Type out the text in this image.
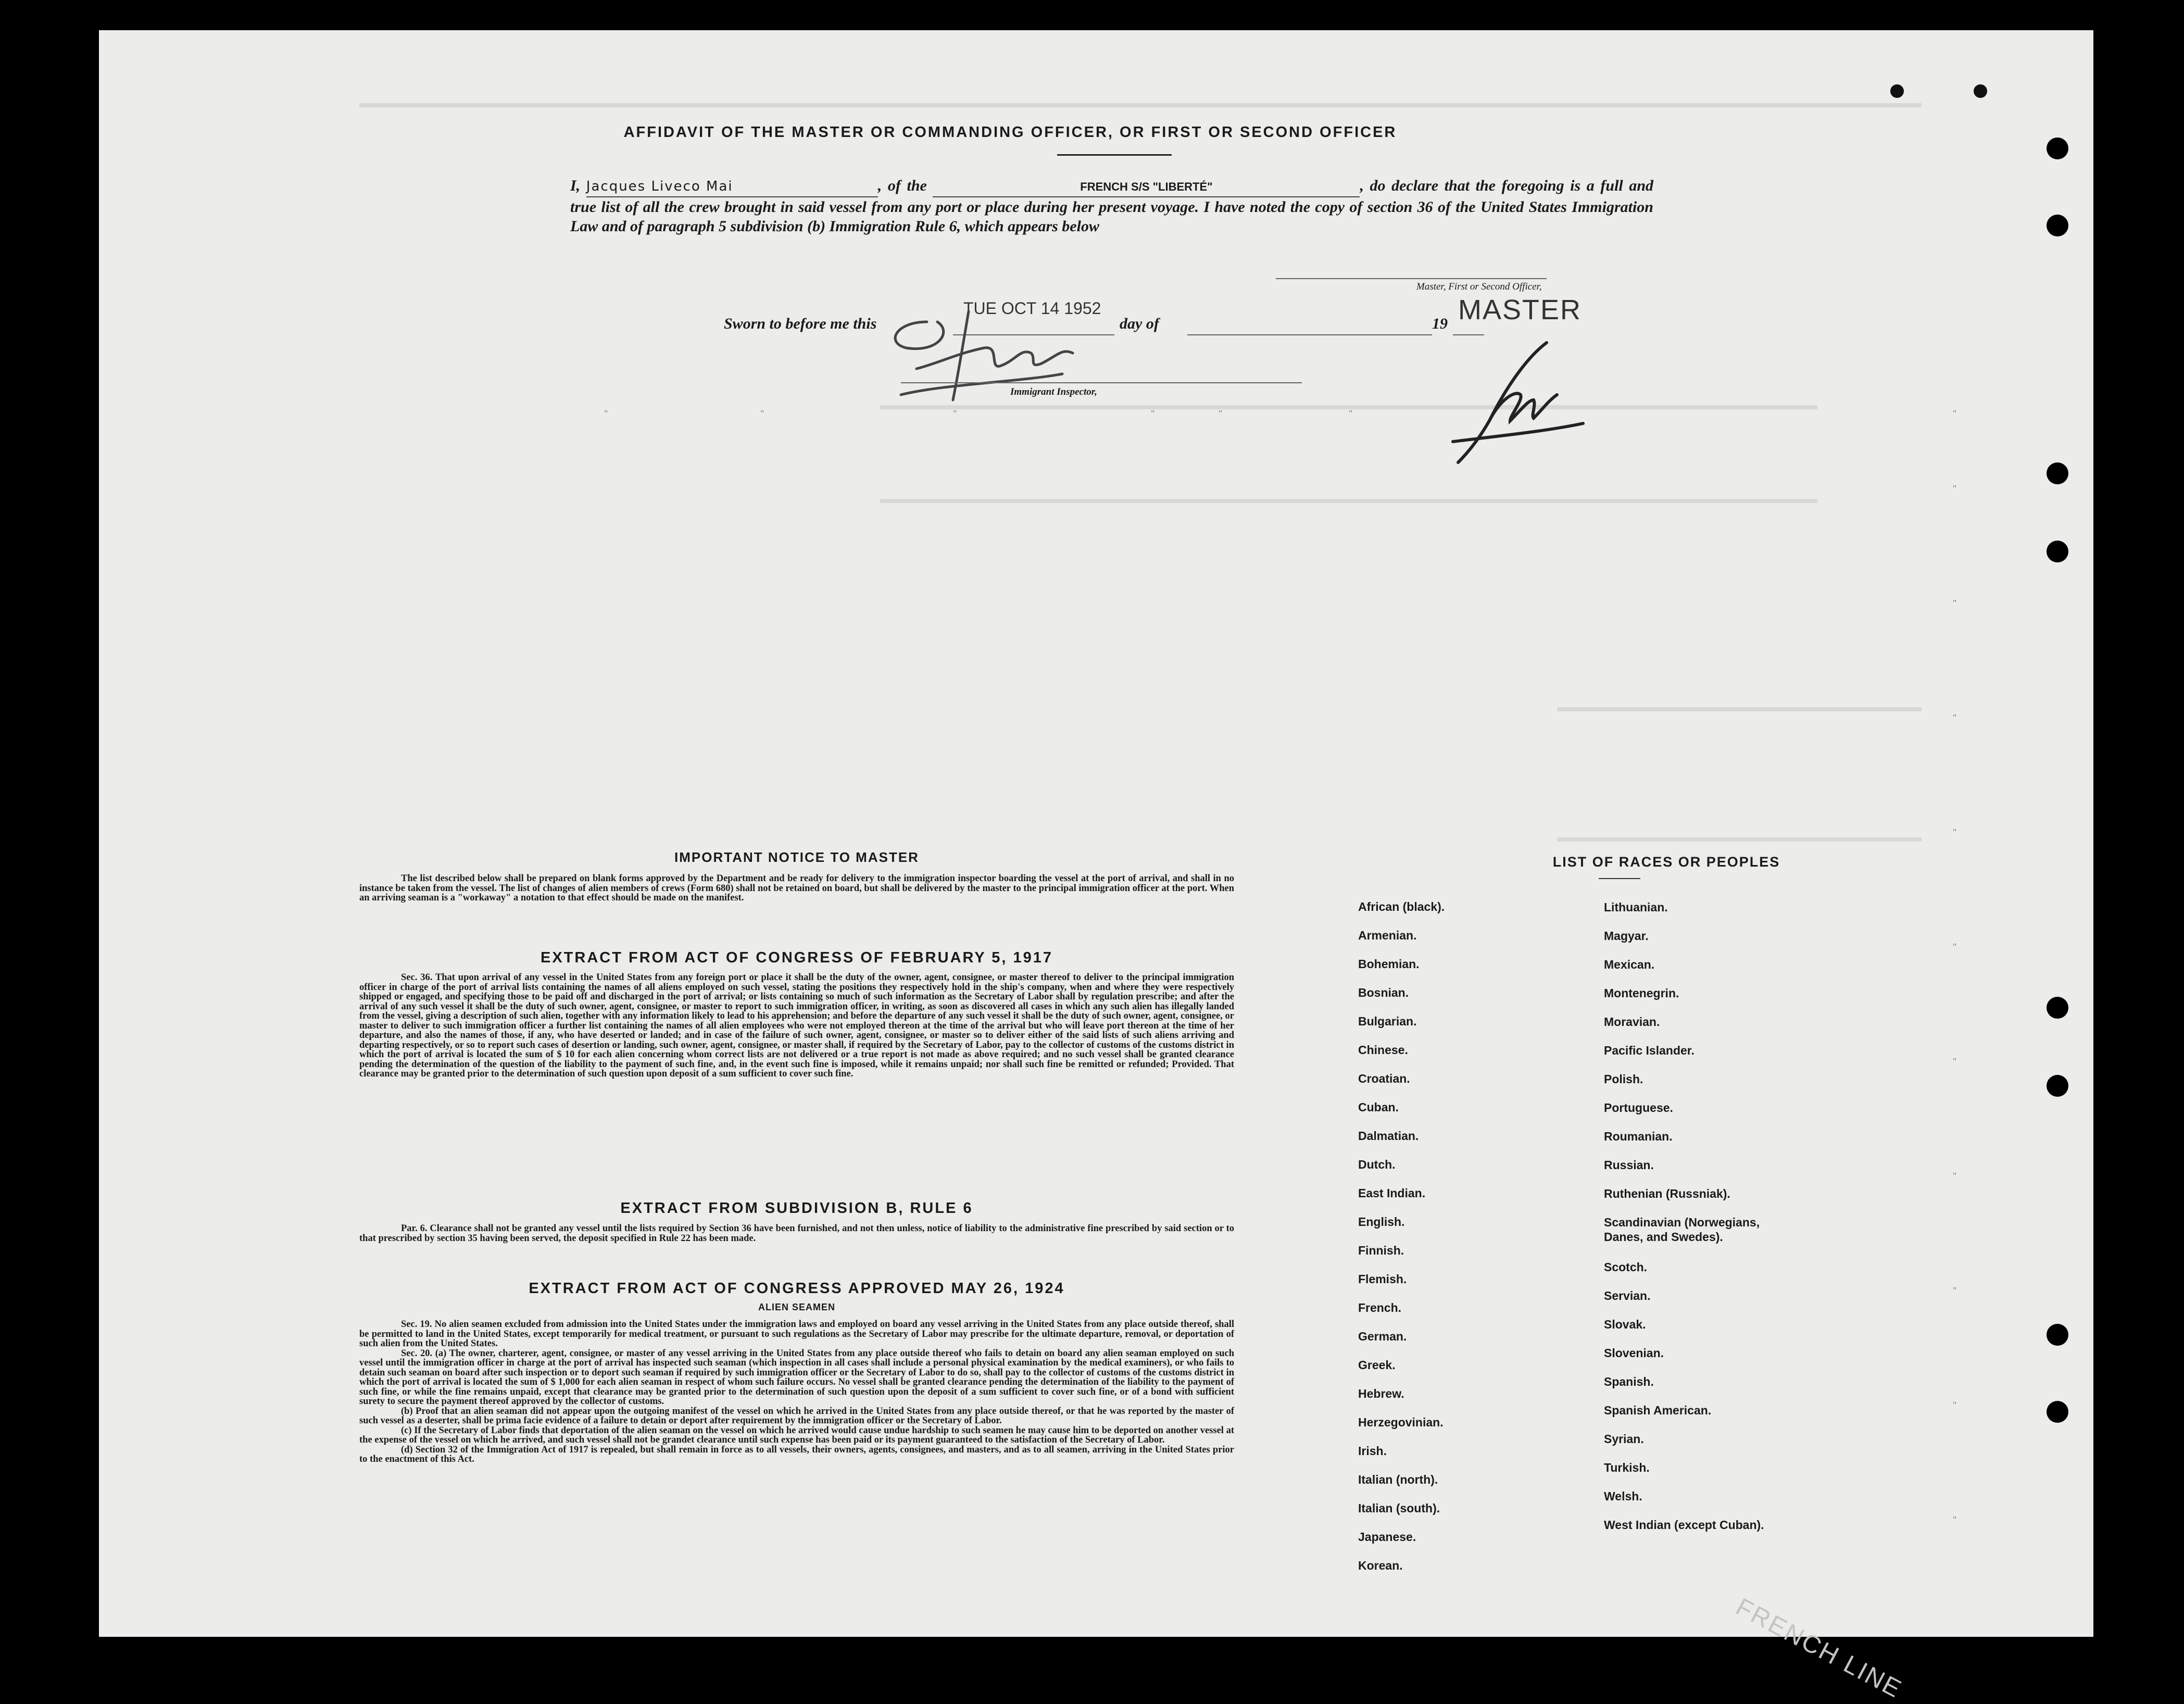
"	"	"	"	"	"	"
"
"
"
"
"
"
"
"
"
"
AFFIDAVIT OF THE MASTER OR COMMANDING OFFICER, OR FIRST OR SECOND OFFICER
I, Jacques Liveco Mai	, of the	FRENCH S/S "LIBERTÉ"	, do declare that the foregoing is a full and true list of all the crew brought in said vessel from any port or place during her present voyage. I have noted the copy of section 36 of the United States Immigration Law and of paragraph 5 subdivision (b) Immigration Rule 6, which appears below
Master, First or Second Officer,
MASTER
Sworn to before me this	day of	19
TUE OCT 14 1952
Immigrant Inspector,
IMPORTANT NOTICE TO MASTER

The list described below shall be prepared on blank forms approved by the Department and be ready for delivery to the immigration inspector boarding the vessel at the port of arrival, and shall in no instance be taken from the vessel. The list of changes of alien members of crews (Form 680) shall not be retained on board, but shall be delivered by the master to the principal immigration officer at the port. When an arriving seaman is a "workaway" a notation to that effect should be made on the manifest.

EXTRACT FROM ACT OF CONGRESS OF FEBRUARY 5, 1917

Sec. 36. That upon arrival of any vessel in the United States from any foreign port or place it shall be the duty of the owner, agent, consignee, or master thereof to deliver to the principal immigration officer in charge of the port of arrival lists containing the names of all aliens employed on such vessel, stating the positions they respectively hold in the ship's company, when and where they were respectively shipped or engaged, and specifying those to be paid off and discharged in the port of arrival; or lists containing so much of such information as the Secretary of Labor shall by regulation prescribe; and after the arrival of any such vessel it shall be the duty of such owner, agent, consignee, or master to report to such immigration officer, in writing, as soon as discovered all cases in which any such alien has illegally landed from the vessel, giving a description of such alien, together with any information likely to lead to his apprehension; and before the departure of any such vessel it shall be the duty of such owner, agent, consignee, or master to deliver to such immigration officer a further list containing the names of all alien employees who were not employed thereon at the time of the arrival but who will leave port thereon at the time of her departure, and also the names of those, if any, who have deserted or landed; and in case of the failure of such owner, agent, consignee, or master so to deliver either of the said lists of such aliens arriving and departing respectively, or so to report such cases of desertion or landing, such owner, agent, consignee, or master shall, if required by the Secretary of Labor, pay to the collector of customs of the customs district in which the port of arrival is located the sum of $ 10 for each alien concerning whom correct lists are not delivered or a true report is not made as above required; and no such vessel shall be granted clearance pending the determination of the question of the liability to the payment of such fine, and, in the event such fine is imposed, while it remains unpaid; nor shall such fine be remitted or refunded; Provided. That clearance may be granted prior to the determination of such question upon deposit of a sum sufficient to cover such fine.

EXTRACT FROM SUBDIVISION B, RULE 6

Par. 6. Clearance shall not be granted any vessel until the lists required by Section 36 have been furnished, and not then unless, notice of liability to the administrative fine prescribed by said section or to that prescribed by section 35 having been served, the deposit specified in Rule 22 has been made.

EXTRACT FROM ACT OF CONGRESS APPROVED MAY 26, 1924
ALIEN SEAMEN

Sec. 19. No alien seamen excluded from admission into the United States under the immigration laws and employed on board any vessel arriving in the United States from any place outside thereof, shall be permitted to land in the United States, except temporarily for medical treatment, or pursuant to such regulations as the Secretary of Labor may prescribe for the ultimate departure, removal, or deportation of such alien from the United States.

Sec. 20. (a) The owner, charterer, agent, consignee, or master of any vessel arriving in the United States from any place outside thereof who fails to detain on board any alien seaman employed on such vessel until the immigration officer in charge at the port of arrival has inspected such seaman (which inspection in all cases shall include a personal physical examination by the medical examiners), or who fails to detain such seaman on board after such inspection or to deport such seaman if required by such immigration officer or the Secretary of Labor to do so, shall pay to the collector of customs of the customs district in which the port of arrival is located the sum of $ 1,000 for each alien seaman in respect of whom such failure occurs. No vessel shall be granted clearance pending the determination of the liability to the payment of such fine, or while the fine remains unpaid, except that clearance may be granted prior to the determination of such question upon the deposit of a sum sufficient to cover such fine, or of a bond with sufficient surety to secure the payment thereof approved by the collector of customs.

(b) Proof that an alien seaman did not appear upon the outgoing manifest of the vessel on which he arrived in the United States from any place outside thereof, or that he was reported by the master of such vessel as a deserter, shall be prima facie evidence of a failure to detain or deport after requirement by the immigration officer or the Secretary of Labor.

(c) If the Secretary of Labor finds that deportation of the alien seaman on the vessel on which he arrived would cause undue hardship to such seamen he may cause him to be deported on another vessel at the expense of the vessel on which he arrived, and such vessel shall not be grandet clearance until such expense has been paid or its payment guaranteed to the satisfaction of the Secretary of Labor.

(d) Section 32 of the Immigration Act of 1917 is repealed, but shall remain in force as to all vessels, their owners, agents, consignees, and masters, and as to all seamen, arriving in the United States prior to the enactment of this Act.

LIST OF RACES OR PEOPLES
FRENCH LINE
African (black).
Armenian.
Bohemian.
Bosnian.
Bulgarian.
Chinese.
Croatian.
Cuban.
Dalmatian.
Dutch.
East Indian.
English.
Finnish.
Flemish.
French.
German.
Greek.
Hebrew.
Herzegovinian.
Irish.
Italian (north).
Italian (south).
Japanese.
Korean.
Lithuanian.
Magyar.
Mexican.
Montenegrin.
Moravian.
Pacific Islander.
Polish.
Portuguese.
Roumanian.
Russian.
Ruthenian (Russniak).
Scandinavian (Norwegians, Danes, and Swedes).
Scotch.
Servian.
Slovak.
Slovenian.
Spanish.
Spanish American.
Syrian.
Turkish.
Welsh.
West Indian (except Cuban).
